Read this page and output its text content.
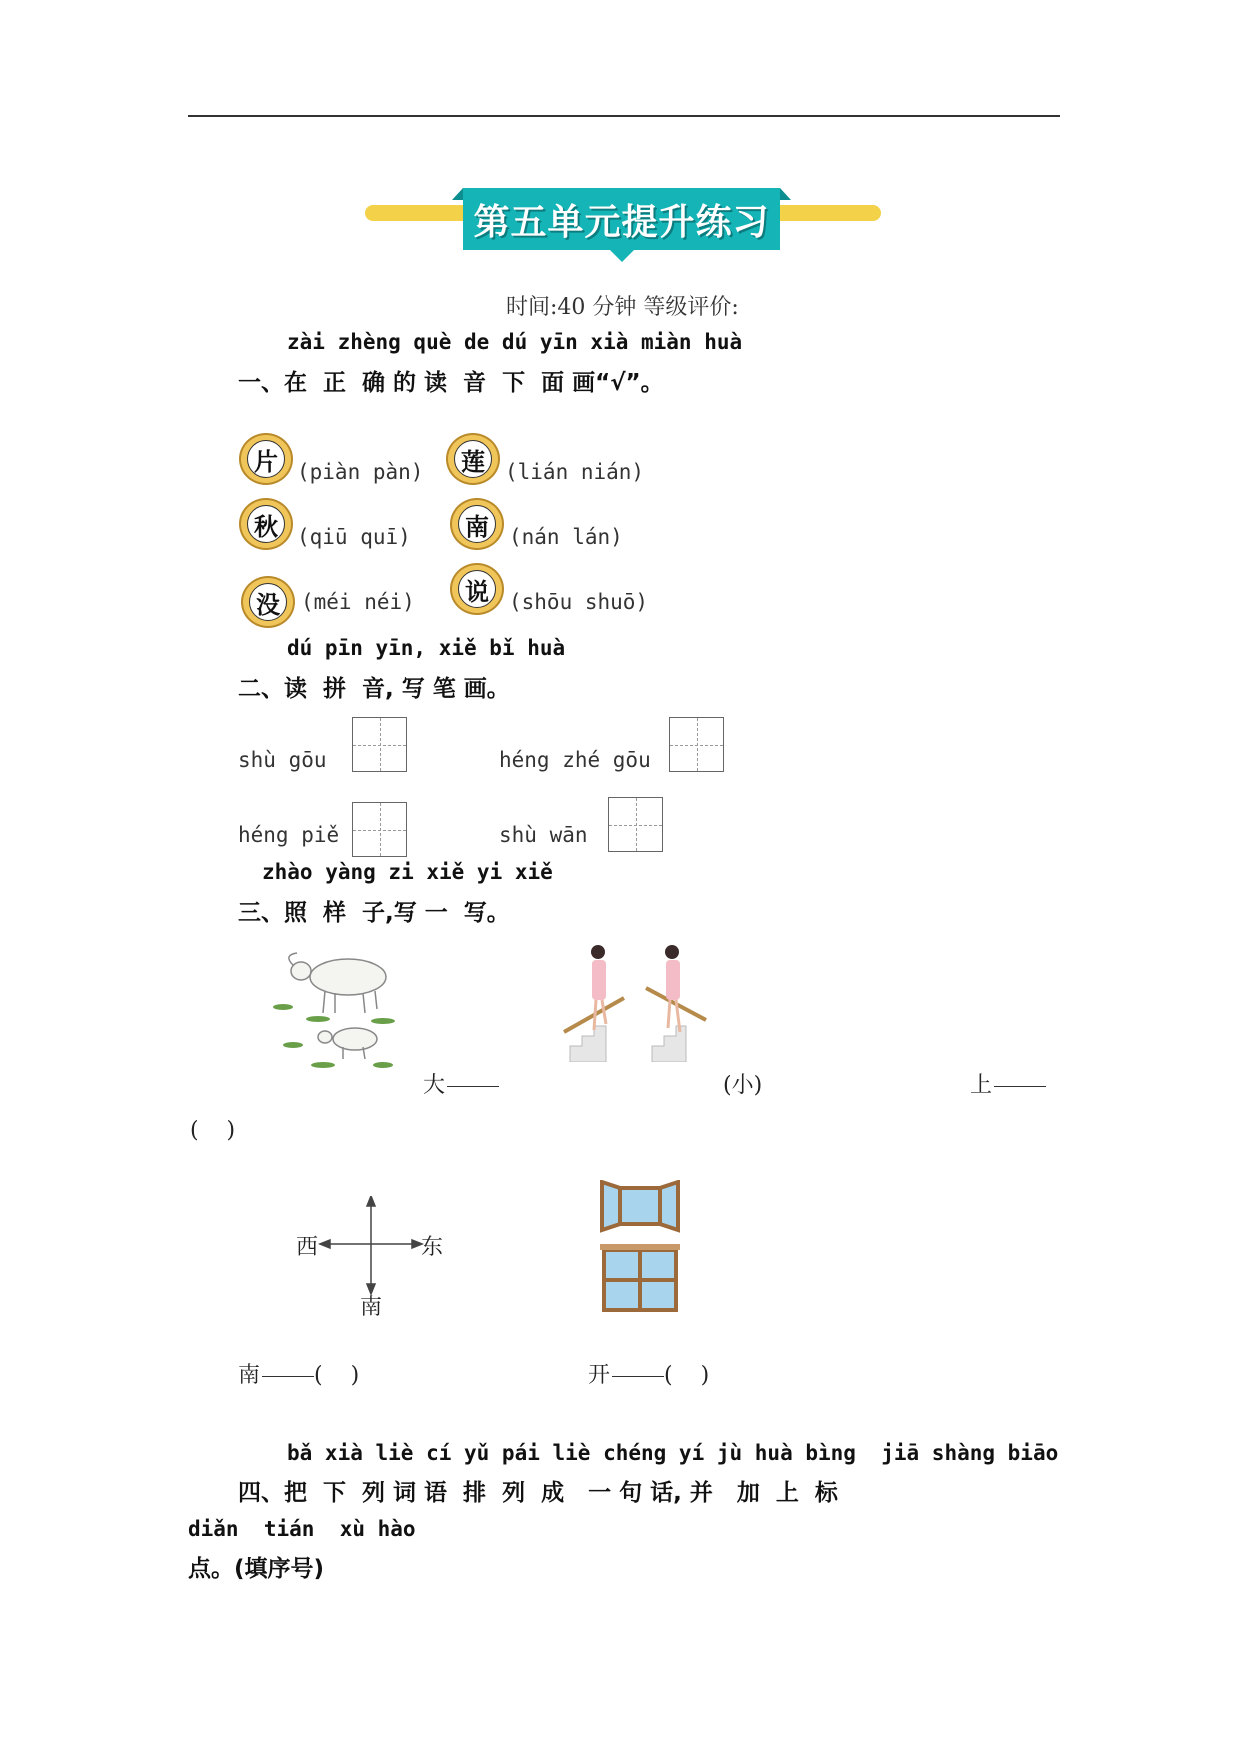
第五单元提升练习
时间:40 分钟 等级评价:
zài zhèng què de dú yīn xià miàn huà
一、在  正  确 的 读  音  下  面 画“√”。
片 (piàn pàn) 莲 (lián nián)
秋 (qiū quī) 南 (nán lán)
没	(méi néi) 说 (shōu shuō)
dú pīn yīn, xiě bǐ huà
二、读  拼  音, 写 笔 画。
shù gōu	héng zhé gōu
héng piě	shù wān
zhào yàng zi xiě yi xiě
三、照  样  子,写 一  写。
大	(小)	上
(    )
西	东
南
南 (    )	开 (    )
bǎ xià liè cí yǔ pái liè chéng yí jù huà bìng  jiā shàng biāo
四、把  下  列 词 语  排  列  成   一 句 话, 并   加  上  标
diǎn  tián  xù hào
点。(填序号)
